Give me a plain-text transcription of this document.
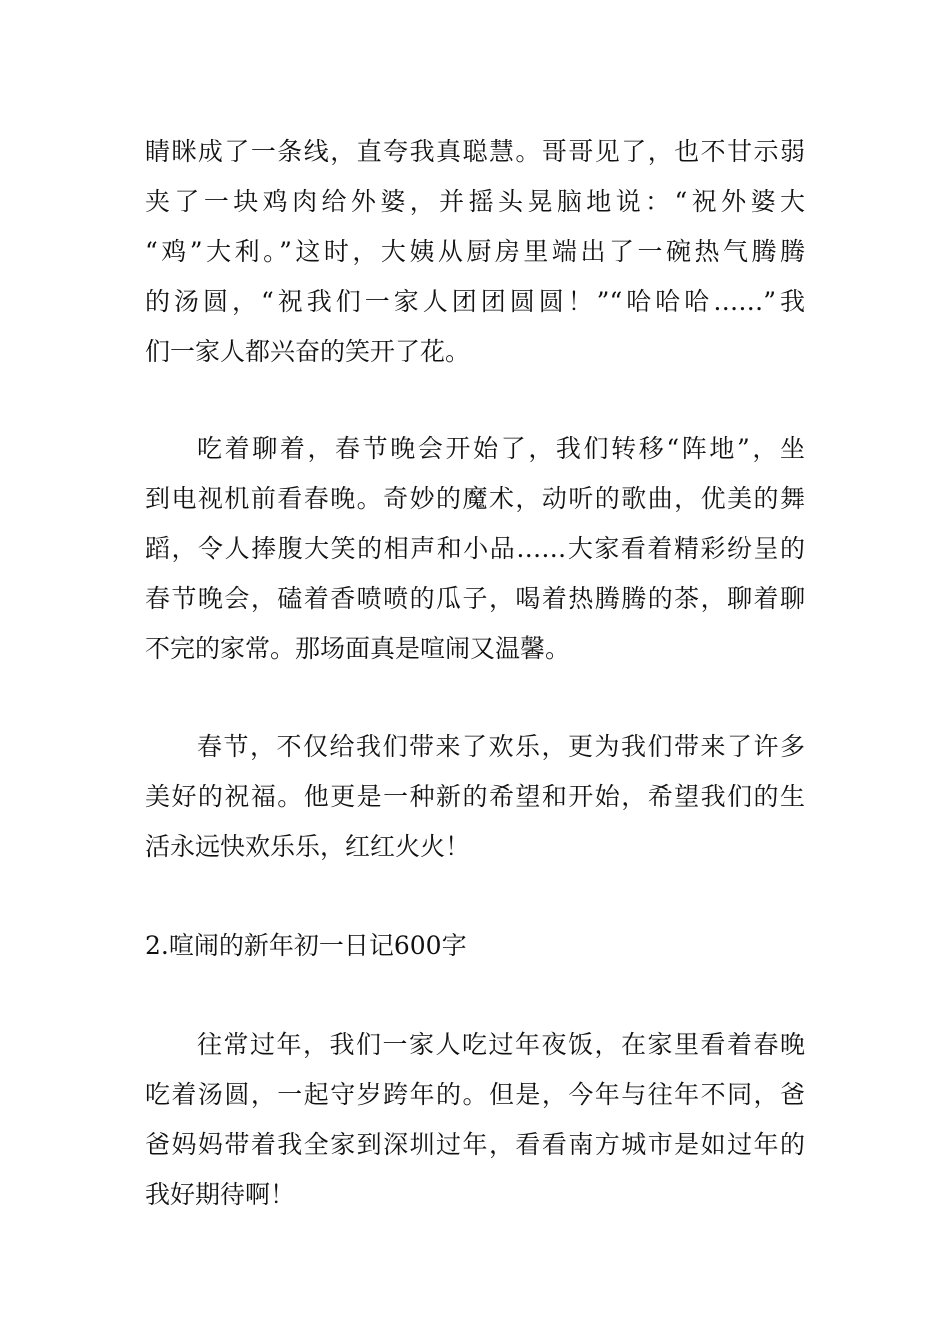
睛眯成了一条线，直夸我真聪慧。哥哥见了，也不甘示弱

夹了一块鸡肉给外婆，并摇头晃脑地说：“祝外婆大

“鸡”大利。”这时，大姨从厨房里端出了一碗热气腾腾

的汤圆，“祝我们一家人团团圆圆！”“哈哈哈……”我

们一家人都兴奋的笑开了花。

吃着聊着，春节晚会开始了，我们转移“阵地”，坐

到电视机前看春晚。奇妙的魔术，动听的歌曲，优美的舞

蹈，令人捧腹大笑的相声和小品……大家看着精彩纷呈的

春节晚会，磕着香喷喷的瓜子，喝着热腾腾的茶，聊着聊

不完的家常。那场面真是喧闹又温馨。

春节，不仅给我们带来了欢乐，更为我们带来了许多

美好的祝福。他更是一种新的希望和开始，希望我们的生

活永远快欢乐乐，红红火火！

2.喧闹的新年初一日记600字

往常过年，我们一家人吃过年夜饭，在家里看着春晚

吃着汤圆，一起守岁跨年的。但是，今年与往年不同，爸

爸妈妈带着我全家到深圳过年，看看南方城市是如过年的

我好期待啊！
